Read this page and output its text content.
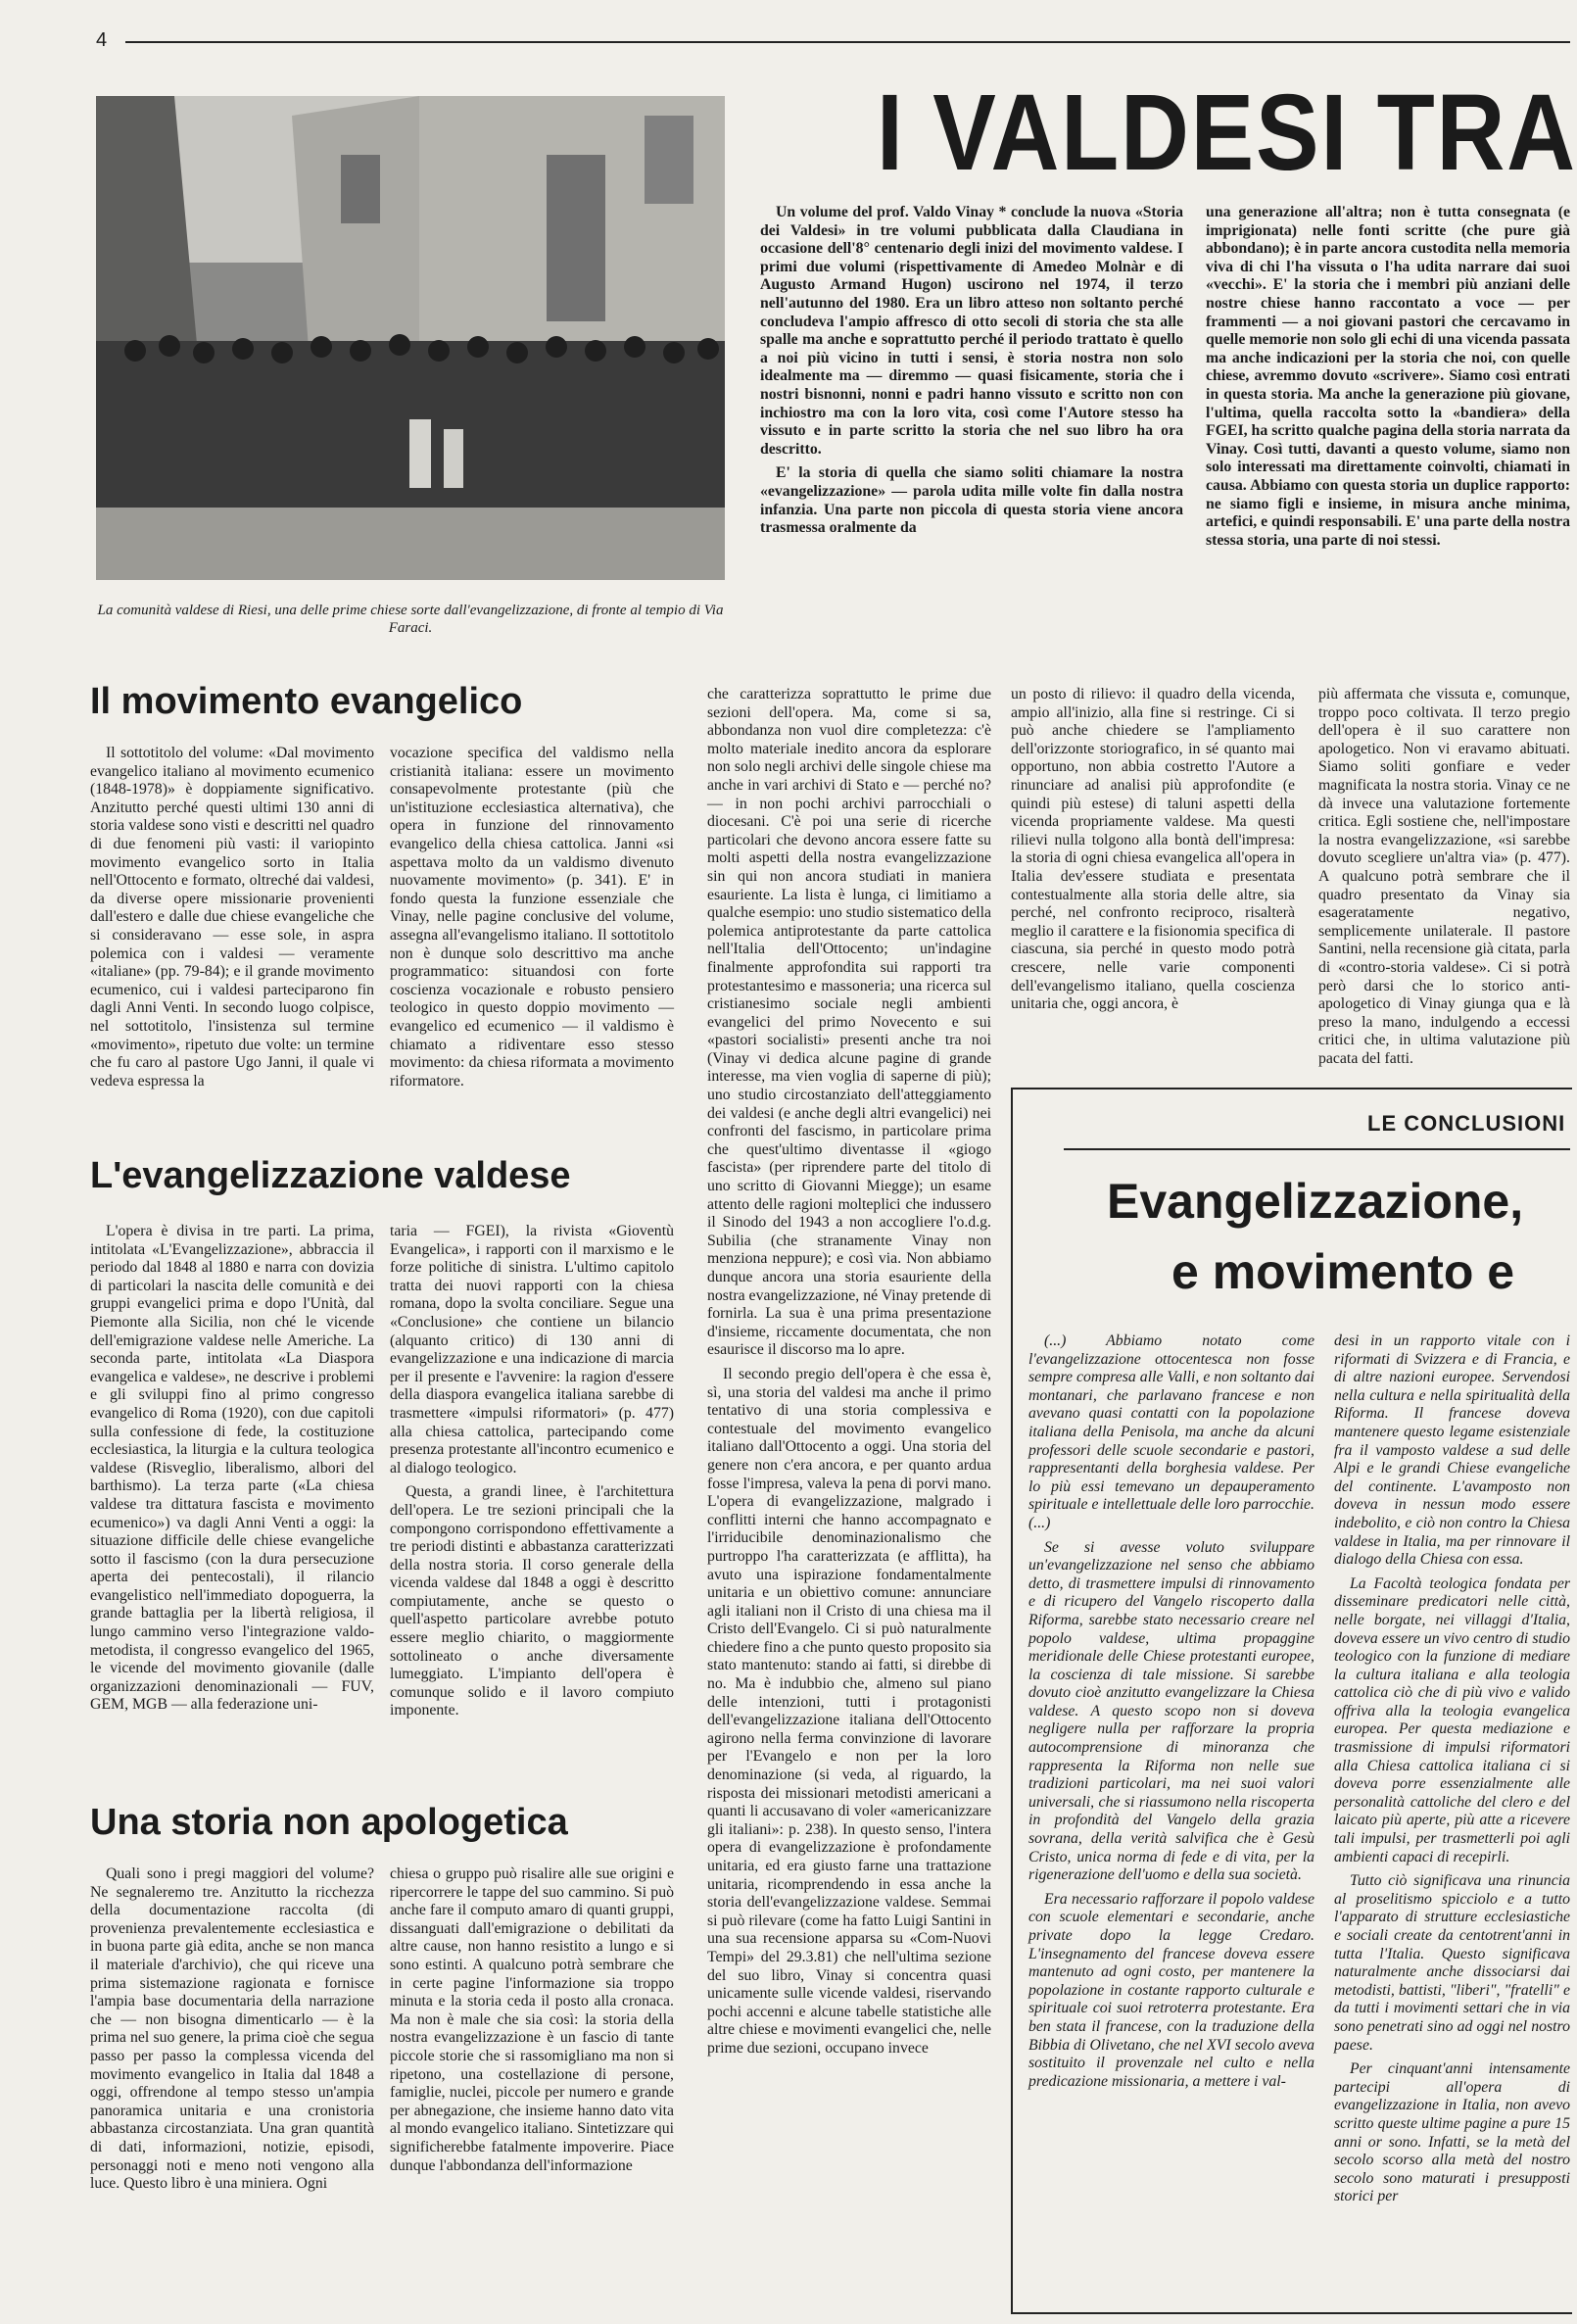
4
La comunità valdese di Riesi, una delle prime chiese sorte dall'evangelizzazione, di fronte al tempio di Via Faraci.
I VALDESI TRA

Un volume del prof. Valdo Vinay * conclude la nuova «Storia dei Valdesi» in tre volumi pubblicata dalla Claudiana in occasione dell'8° centenario degli inizi del movimento valdese. I primi due volumi (rispettivamente di Amedeo Molnàr e di Augusto Armand Hugon) uscirono nel 1974, il terzo nell'autunno del 1980. Era un libro atteso non soltanto perché concludeva l'ampio affresco di otto secoli di storia che sta alle spalle ma anche e soprattutto perché il periodo trattato è quello a noi più vicino in tutti i sensi, è storia nostra non solo idealmente ma — diremmo — quasi fisicamente, storia che i nostri bisnonni, nonni e padri hanno vissuto e scritto non con inchiostro ma con la loro vita, così come l'Autore stesso ha vissuto e in parte scritto la storia che nel suo libro ha ora descritto.

E' la storia di quella che siamo soliti chiamare la nostra «evangelizzazione» — parola udita mille volte fin dalla nostra infanzia. Una parte non piccola di questa storia viene ancora trasmessa oralmente da

una generazione all'altra; non è tutta consegnata (e imprigionata) nelle fonti scritte (che pure già abbondano); è in parte ancora custodita nella memoria viva di chi l'ha vissuta o l'ha udita narrare dai suoi «vecchi». E' la storia che i membri più anziani delle nostre chiese hanno raccontato a voce — per frammenti — a noi giovani pastori che cercavamo in quelle memorie non solo gli echi di una vicenda passata ma anche indicazioni per la storia che noi, con quelle chiese, avremmo dovuto «scrivere». Siamo così entrati in questa storia. Ma anche la generazione più giovane, l'ultima, quella raccolta sotto la «bandiera» della FGEI, ha scritto qualche pagina della storia narrata da Vinay. Così tutti, davanti a questo volume, siamo non solo interessati ma direttamente coinvolti, chiamati in causa. Abbiamo con questa storia un duplice rapporto: ne siamo figli e insieme, in misura anche minima, artefici, e quindi responsabili. E' una parte della nostra stessa storia, una parte di noi stessi.

Il movimento evangelico

Il sottotitolo del volume: «Dal movimento evangelico italiano al movimento ecumenico (1848-1978)» è doppiamente significativo. Anzitutto perché questi ultimi 130 anni di storia valdese sono visti e descritti nel quadro di due fenomeni più vasti: il variopinto movimento evangelico sorto in Italia nell'Ottocento e formato, oltreché dai valdesi, da diverse opere missionarie provenienti dall'estero e dalle due chiese evangeliche che si consideravano — esse sole, in aspra polemica con i valdesi — veramente «italiane» (pp. 79-84); e il grande movimento ecumenico, cui i valdesi parteciparono fin dagli Anni Venti. In secondo luogo colpisce, nel sottotitolo, l'insistenza sul termine «movimento», ripetuto due volte: un termine che fu caro al pastore Ugo Janni, il quale vi vedeva espressa la

vocazione specifica del valdismo nella cristianità italiana: essere un movimento consapevolmente protestante (più che un'istituzione ecclesiastica alternativa), che opera in funzione del rinnovamento evangelico della chiesa cattolica. Janni «si aspettava molto da un valdismo divenuto nuovamente movimento» (p. 341). E' in fondo questa la funzione essenziale che Vinay, nelle pagine conclusive del volume, assegna all'evangelismo italiano. Il sottotitolo non è dunque solo descrittivo ma anche programmatico: situandosi con forte coscienza vocazionale e robusto pensiero teologico in questo doppio movimento — evangelico ed ecumenico — il valdismo è chiamato a ridiventare esso stesso movimento: da chiesa riformata a movimento riformatore.

L'evangelizzazione valdese

L'opera è divisa in tre parti. La prima, intitolata «L'Evangelizzazione», abbraccia il periodo dal 1848 al 1880 e narra con dovizia di particolari la nascita delle comunità e dei gruppi evangelici prima e dopo l'Unità, dal Piemonte alla Sicilia, non ché le vicende dell'emigrazione valdese nelle Americhe. La seconda parte, intitolata «La Diaspora evangelica e valdese», ne descrive i problemi e gli sviluppi fino al primo congresso evangelico di Roma (1920), con due capitoli sulla confessione di fede, la costituzione ecclesiastica, la liturgia e la cultura teologica valdese (Risveglio, liberalismo, albori del barthismo). La terza parte («La chiesa valdese tra dittatura fascista e movimento ecumenico») va dagli Anni Venti a oggi: la situazione difficile delle chiese evangeliche sotto il fascismo (con la dura persecuzione aperta dei pentecostali), il rilancio evangelistico nell'immediato dopoguerra, la grande battaglia per la libertà religiosa, il lungo cammino verso l'integrazione valdo-metodista, il congresso evangelico del 1965, le vicende del movimento giovanile (dalle organizzazioni denominazionali — FUV, GEM, MGB — alla federazione uni-

taria — FGEI), la rivista «Gioventù Evangelica», i rapporti con il marxismo e le forze politiche di sinistra. L'ultimo capitolo tratta dei nuovi rapporti con la chiesa romana, dopo la svolta conciliare. Segue una «Conclusione» che contiene un bilancio (alquanto critico) di 130 anni di evangelizzazione e una indicazione di marcia per il presente e l'avvenire: la ragion d'essere della diaspora evangelica italiana sarebbe di trasmettere «impulsi riformatori» (p. 477) alla chiesa cattolica, partecipando come presenza protestante all'incontro ecumenico e al dialogo teologico.

Questa, a grandi linee, è l'architettura dell'opera. Le tre sezioni principali che la compongono corrispondono effettivamente a tre periodi distinti e abbastanza caratterizzati della nostra storia. Il corso generale della vicenda valdese dal 1848 a oggi è descritto compiutamente, anche se questo o quell'aspetto particolare avrebbe potuto essere meglio chiarito, o maggiormente sottolineato o anche diversamente lumeggiato. L'impianto dell'opera è comunque solido e il lavoro compiuto imponente.

Una storia non apologetica

Quali sono i pregi maggiori del volume? Ne segnaleremo tre. Anzitutto la ricchezza della documentazione raccolta (di provenienza prevalentemente ecclesiastica e in buona parte già edita, anche se non manca il materiale d'archivio), che qui riceve una prima sistemazione ragionata e fornisce l'ampia base documentaria della narrazione che — non bisogna dimenticarlo — è la prima nel suo genere, la prima cioè che segua passo per passo la complessa vicenda del movimento evangelico in Italia dal 1848 a oggi, offrendone al tempo stesso un'ampia panoramica unitaria e una cronistoria abbastanza circostanziata. Una gran quantità di dati, informazioni, notizie, episodi, personaggi noti e meno noti vengono alla luce. Questo libro è una miniera. Ogni

chiesa o gruppo può risalire alle sue origini e ripercorrere le tappe del suo cammino. Si può anche fare il computo amaro di quanti gruppi, dissanguati dall'emigrazione o debilitati da altre cause, non hanno resistito a lungo e si sono estinti. A qualcuno potrà sembrare che in certe pagine l'informazione sia troppo minuta e la storia ceda il posto alla cronaca. Ma non è male che sia così: la storia della nostra evangelizzazione è un fascio di tante piccole storie che si rassomigliano ma non si ripetono, una costellazione di persone, famiglie, nuclei, piccole per numero e grande per abnegazione, che insieme hanno dato vita al mondo evangelico italiano. Sintetizzare qui significherebbe fatalmente impoverire. Piace dunque l'abbondanza dell'informazione

che caratterizza soprattutto le prime due sezioni dell'opera. Ma, come si sa, abbondanza non vuol dire completezza: c'è molto materiale inedito ancora da esplorare non solo negli archivi delle singole chiese ma anche in vari archivi di Stato e — perché no? — in non pochi archivi parrocchiali o diocesani. C'è poi una serie di ricerche particolari che devono ancora essere fatte su molti aspetti della nostra evangelizzazione sin qui non ancora studiati in maniera esauriente. La lista è lunga, ci limitiamo a qualche esempio: uno studio sistematico della polemica antiprotestante da parte cattolica nell'Italia dell'Ottocento; un'indagine finalmente approfondita sui rapporti tra protestantesimo e massoneria; una ricerca sul cristianesimo sociale negli ambienti evangelici del primo Novecento e sui «pastori socialisti» presenti anche tra noi (Vinay vi dedica alcune pagine di grande interesse, ma vien voglia di saperne di più); uno studio circostanziato dell'atteggiamento dei valdesi (e anche degli altri evangelici) nei confronti del fascismo, in particolare prima che quest'ultimo diventasse il «giogo fascista» (per riprendere parte del titolo di uno scritto di Giovanni Miegge); un esame attento delle ragioni molteplici che indussero il Sinodo del 1943 a non accogliere l'o.d.g. Subilia (che stranamente Vinay non menziona neppure); e così via. Non abbiamo dunque ancora una storia esauriente della nostra evangelizzazione, né Vinay pretende di fornirla. La sua è una prima presentazione d'insieme, riccamente documentata, che non esaurisce il discorso ma lo apre.

Il secondo pregio dell'opera è che essa è, sì, una storia del valdesi ma anche il primo tentativo di una storia complessiva e contestuale del movimento evangelico italiano dall'Ottocento a oggi. Una storia del genere non c'era ancora, e per quanto ardua fosse l'impresa, valeva la pena di porvi mano. L'opera di evangelizzazione, malgrado i conflitti interni che hanno accompagnato e l'irriducibile denominazionalismo che purtroppo l'ha caratterizzata (e afflitta), ha avuto una ispirazione fondamentalmente unitaria e un obiettivo comune: annunciare agli italiani non il Cristo di una chiesa ma il Cristo dell'Evangelo. Ci si può naturalmente chiedere fino a che punto questo proposito sia stato mantenuto: stando ai fatti, si direbbe di no. Ma è indubbio che, almeno sul piano delle intenzioni, tutti i protagonisti dell'evangelizzazione italiana dell'Ottocento agirono nella ferma convinzione di lavorare per l'Evangelo e non per la loro denominazione (si veda, al riguardo, la risposta dei missionari metodisti americani a quanti li accusavano di voler «americanizzare gli italiani»: p. 238). In questo senso, l'intera opera di evangelizzazione è profondamente unitaria, ed era giusto farne una trattazione unitaria, ricomprendendo in essa anche la storia dell'evangelizzazione valdese. Semmai si può rilevare (come ha fatto Luigi Santini in una sua recensione apparsa su «Com-Nuovi Tempi» del 29.3.81) che nell'ultima sezione del suo libro, Vinay si concentra quasi unicamente sulle vicende valdesi, riservando pochi accenni e alcune tabelle statistiche alle altre chiese e movimenti evangelici che, nelle prime due sezioni, occupano invece

un posto di rilievo: il quadro della vicenda, ampio all'inizio, alla fine si restringe. Ci si può anche chiedere se l'ampliamento dell'orizzonte storiografico, in sé quanto mai opportuno, non abbia costretto l'Autore a rinunciare ad analisi più approfondite (e quindi più estese) di taluni aspetti della vicenda propriamente valdese. Ma questi rilievi nulla tolgono alla bontà dell'impresa: la storia di ogni chiesa evangelica all'opera in Italia dev'essere studiata e presentata contestualmente alla storia delle altre, sia perché, nel confronto reciproco, risalterà meglio il carattere e la fisionomia specifica di ciascuna, sia perché in questo modo potrà crescere, nelle varie componenti dell'evangelismo italiano, quella coscienza unitaria che, oggi ancora, è

più affermata che vissuta e, comunque, troppo poco coltivata. Il terzo pregio dell'opera è il suo carattere non apologetico. Non vi eravamo abituati. Siamo soliti gonfiare e veder magnificata la nostra storia. Vinay ce ne dà invece una valutazione fortemente critica. Egli sostiene che, nell'impostare la nostra evangelizzazione, «si sarebbe dovuto scegliere un'altra via» (p. 477). A qualcuno potrà sembrare che il quadro presentato da Vinay sia esageratamente negativo, semplicemente unilaterale. Il pastore Santini, nella recensione già citata, parla di «contro-storia valdese». Ci si potrà però darsi che lo storico anti-apologetico di Vinay giunga qua e là preso la mano, indulgendo a eccessi critici che, in ultima valutazione più pacata del fatti.

LE CONCLUSIONI
Evangelizzazione,
e movimento e

(...) Abbiamo notato come l'evangelizzazione ottocentesca non fosse sempre compresa alle Valli, e non soltanto dai montanari, che parlavano francese e non avevano quasi contatti con la popolazione italiana della Penisola, ma anche da alcuni professori delle scuole secondarie e pastori, rappresentanti della borghesia valdese. Per lo più essi temevano un depauperamento spirituale e intellettuale delle loro parrocchie. (...)

Se si avesse voluto sviluppare un'evangelizzazione nel senso che abbiamo detto, di trasmettere impulsi di rinnovamento e di ricupero del Vangelo riscoperto dalla Riforma, sarebbe stato necessario creare nel popolo valdese, ultima propaggine meridionale delle Chiese protestanti europee, la coscienza di tale missione. Si sarebbe dovuto cioè anzitutto evangelizzare la Chiesa valdese. A questo scopo non si doveva negligere nulla per rafforzare la propria autocomprensione di minoranza che rappresenta la Riforma non nelle sue tradizioni particolari, ma nei suoi valori universali, che si riassumono nella riscoperta in profondità del Vangelo della grazia sovrana, della verità salvifica che è Gesù Cristo, unica norma di fede e di vita, per la rigenerazione dell'uomo e della sua società.

Era necessario rafforzare il popolo valdese con scuole elementari e secondarie, anche private dopo la legge Credaro. L'insegnamento del francese doveva essere mantenuto ad ogni costo, per mantenere la popolazione in costante rapporto culturale e spirituale coi suoi retroterra protestante. Era ben stata il francese, con la traduzione della Bibbia di Olivetano, che nel XVI secolo aveva sostituito il provenzale nel culto e nella predicazione missionaria, a mettere i val-

desi in un rapporto vitale con i riformati di Svizzera e di Francia, e di altre nazioni europee. Servendosi nella cultura e nella spiritualità della Riforma. Il francese doveva mantenere questo legame esistenziale fra il vamposto valdese a sud delle Alpi e le grandi Chiese evangeliche del continente. L'avamposto non doveva in nessun modo essere indebolito, e ciò non contro la Chiesa valdese in Italia, ma per rinnovare il dialogo della Chiesa con essa.

La Facoltà teologica fondata per disseminare predicatori nelle città, nelle borgate, nei villaggi d'Italia, doveva essere un vivo centro di studio teologico con la funzione di mediare la cultura italiana e alla teologia cattolica ciò che di più vivo e valido offriva alla la teologia evangelica europea. Per questa mediazione e trasmissione di impulsi riformatori alla Chiesa cattolica italiana ci si doveva porre essenzialmente alle personalità cattoliche del clero e del laicato più aperte, più atte a ricevere tali impulsi, per trasmetterli poi agli ambienti capaci di recepirli.

Tutto ciò significava una rinuncia al proselitismo spicciolo e a tutto l'apparato di strutture ecclesiastiche e sociali create da centotrent'anni in tutta l'Italia. Questo significava naturalmente anche dissociarsi dai metodisti, battisti, "liberi", "fratelli" e da tutti i movimenti settari che in via sono penetrati sino ad oggi nel nostro paese.

Per cinquant'anni intensamente partecipi all'opera di evangelizzazione in Italia, non avevo scritto queste ultime pagine a pure 15 anni or sono. Infatti, se la metà del secolo scorso alla metà del nostro secolo sono maturati i presupposti storici per
